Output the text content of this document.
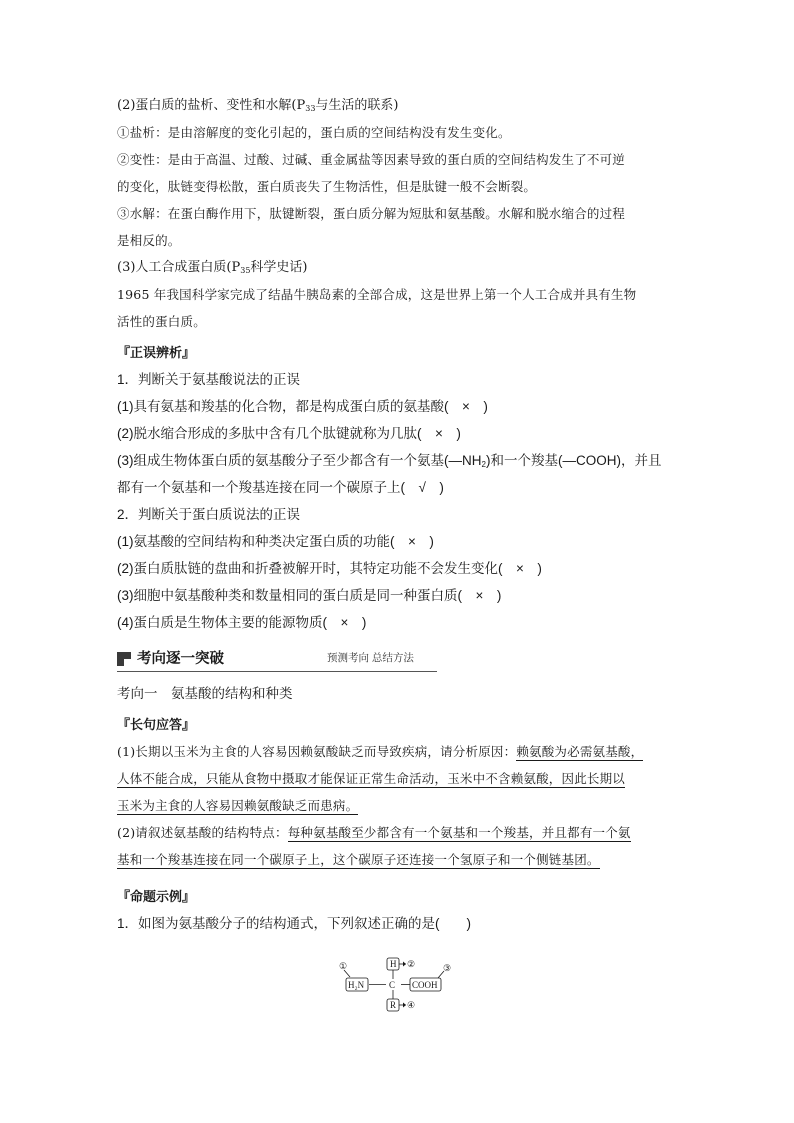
(2)蛋白质的盐析、变性和水解($P_{33}$与生活的联系)
①盐析：是由溶解度的变化引起的，蛋白质的空间结构没有发生变化。
②变性：是由于高温、过酸、过碱、重金属盐等因素导致的蛋白质的空间结构发生了不可逆
的变化，肽链变得松散，蛋白质丧失了生物活性，但是肽键一般不会断裂。
③水解：在蛋白酶作用下，肽键断裂，蛋白质分解为短肽和氨基酸。水解和脱水缩合的过程
是相反的。
(3)人工合成蛋白质($P_{35}$科学史话)
1965 年我国科学家完成了结晶牛胰岛素的全部合成，这是世界上第一个人工合成并具有生物
活性的蛋白质。
『正误辨析』
1．判断关于氨基酸说法的正误
(1)具有氨基和羧基的化合物，都是构成蛋白质的氨基酸(　×　)
(2)脱水缩合形成的多肽中含有几个肽键就称为几肽(　×　)
(3)组成生物体蛋白质的氨基酸分子至少都含有一个氨基$(—NH_2)$和一个羧基(—COOH)，并且
都有一个氨基和一个羧基连接在同一个碳原子上(　√　)
2．判断关于蛋白质说法的正误
(1)氨基酸的空间结构和种类决定蛋白质的功能(　×　)
(2)蛋白质肽链的盘曲和折叠被解开时，其特定功能不会发生变化(　×　)
(3)细胞中氨基酸种类和数量相同的蛋白质是同一种蛋白质(　×　)
(4)蛋白质是生物体主要的能源物质(　×　)
考向逐一突破	预测考向 总结方法
考向一　氨基酸的结构和种类
『长句应答』
(1)长期以玉米为主食的人容易因赖氨酸缺乏而导致疾病，请分析原因：赖氨酸为必需氨基酸，
人体不能合成，只能从食物中摄取才能保证正常生命活动，玉米中不含赖氨酸，因此长期以
玉米为主食的人容易因赖氨酸缺乏而患病。
(2)请叙述氨基酸的结构特点：每种氨基酸至少都含有一个氨基和一个羧基，并且都有一个氨
基和一个羧基连接在同一个碳原子上，这个碳原子还连接一个氢原子和一个侧链基团。
『命题示例』
1．如图为氨基酸分子的结构通式，下列叙述正确的是(　　)
①
H₂N	C COOH
③
H ②
R ④
